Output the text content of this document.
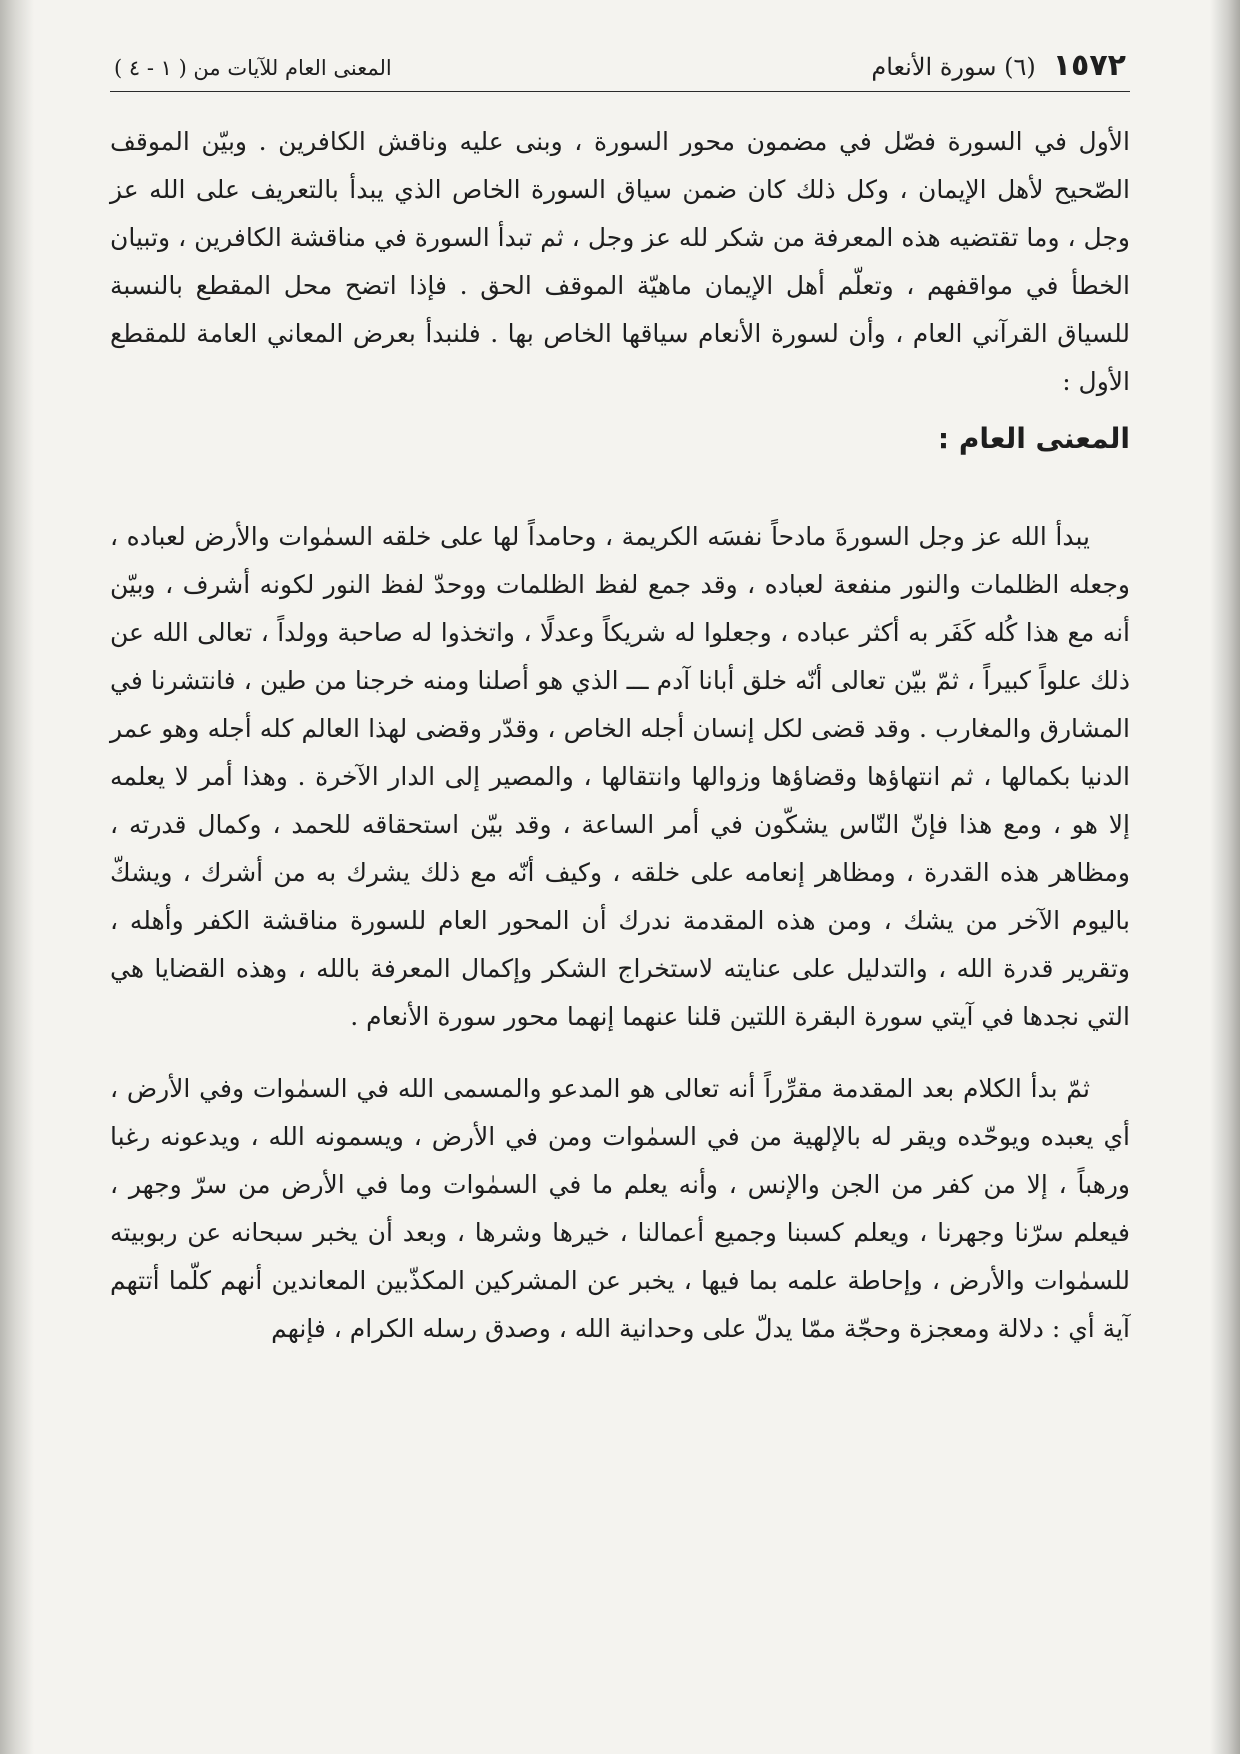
١٥٧٢ (٦) سورة الأنعام
المعنى العام للآيات من ( ١ - ٤ )

الأول في السورة فصّل في مضمون محور السورة ، وبنى عليه وناقش الكافرين . وبيّن الموقف الصّحيح لأهل الإيمان ، وكل ذلك كان ضمن سياق السورة الخاص الذي يبدأ بالتعريف على الله عز وجل ، وما تقتضيه هذه المعرفة من شكر لله عز وجل ، ثم تبدأ السورة في مناقشة الكافرين ، وتبيان الخطأ في مواقفهم ، وتعلّم أهل الإيمان ماهيّة الموقف الحق . فإذا اتضح محل المقطع بالنسبة للسياق القرآني العام ، وأن لسورة الأنعام سياقها الخاص بها . فلنبدأ بعرض المعاني العامة للمقطع الأول :

المعنى العام :

يبدأ الله عز وجل السورةَ مادحاً نفسَه الكريمة ، وحامداً لها على خلقه السمٰوات والأرض لعباده ، وجعله الظلمات والنور منفعة لعباده ، وقد جمع لفظ الظلمات ووحدّ لفظ النور لكونه أشرف ، وبيّن أنه مع هذا كُله كَفَر به أكثر عباده ، وجعلوا له شريكاً وعدلًا ، واتخذوا له صاحبة وولداً ، تعالى الله عن ذلك علواً كبيراً ، ثمّ بيّن تعالى أنّه خلق أبانا آدم ـــ الذي هو أصلنا ومنه خرجنا من طين ، فانتشرنا في المشارق والمغارب . وقد قضى لكل إنسان أجله الخاص ، وقدّر وقضى لهذا العالم كله أجله وهو عمر الدنيا بكمالها ، ثم انتهاؤها وقضاؤها وزوالها وانتقالها ، والمصير إلى الدار الآخرة . وهذا أمر لا يعلمه إلا هو ، ومع هذا فإنّ النّاس يشكّون في أمر الساعة ، وقد بيّن استحقاقه للحمد ، وكمال قدرته ، ومظاهر هذه القدرة ، ومظاهر إنعامه على خلقه ، وكيف أنّه مع ذلك يشرك به من أشرك ، ويشكّ باليوم الآخر من يشك ، ومن هذه المقدمة ندرك أن المحور العام للسورة مناقشة الكفر وأهله ، وتقرير قدرة الله ، والتدليل على عنايته لاستخراج الشكر وإكمال المعرفة بالله ، وهذه القضايا هي التي نجدها في آيتي سورة البقرة اللتين قلنا عنهما إنهما محور سورة الأنعام .

ثمّ بدأ الكلام بعد المقدمة مقرِّراً أنه تعالى هو المدعو والمسمى الله في السمٰوات وفي الأرض ، أي يعبده ويوحّده ويقر له بالإلهية من في السمٰوات ومن في الأرض ، ويسمونه الله ، ويدعونه رغبا ورهباً ، إلا من كفر من الجن والإنس ، وأنه يعلم ما في السمٰوات وما في الأرض من سرّ وجهر ، فيعلم سرّنا وجهرنا ، ويعلم كسبنا وجميع أعمالنا ، خيرها وشرها ، وبعد أن يخبر سبحانه عن ربوبيته للسمٰوات والأرض ، وإحاطة علمه بما فيها ، يخبر عن المشركين المكذّبين المعاندين أنهم كلّما أتتهم آية أي : دلالة ومعجزة وحجّة ممّا يدلّ على وحدانية الله ، وصدق رسله الكرام ، فإنهم
